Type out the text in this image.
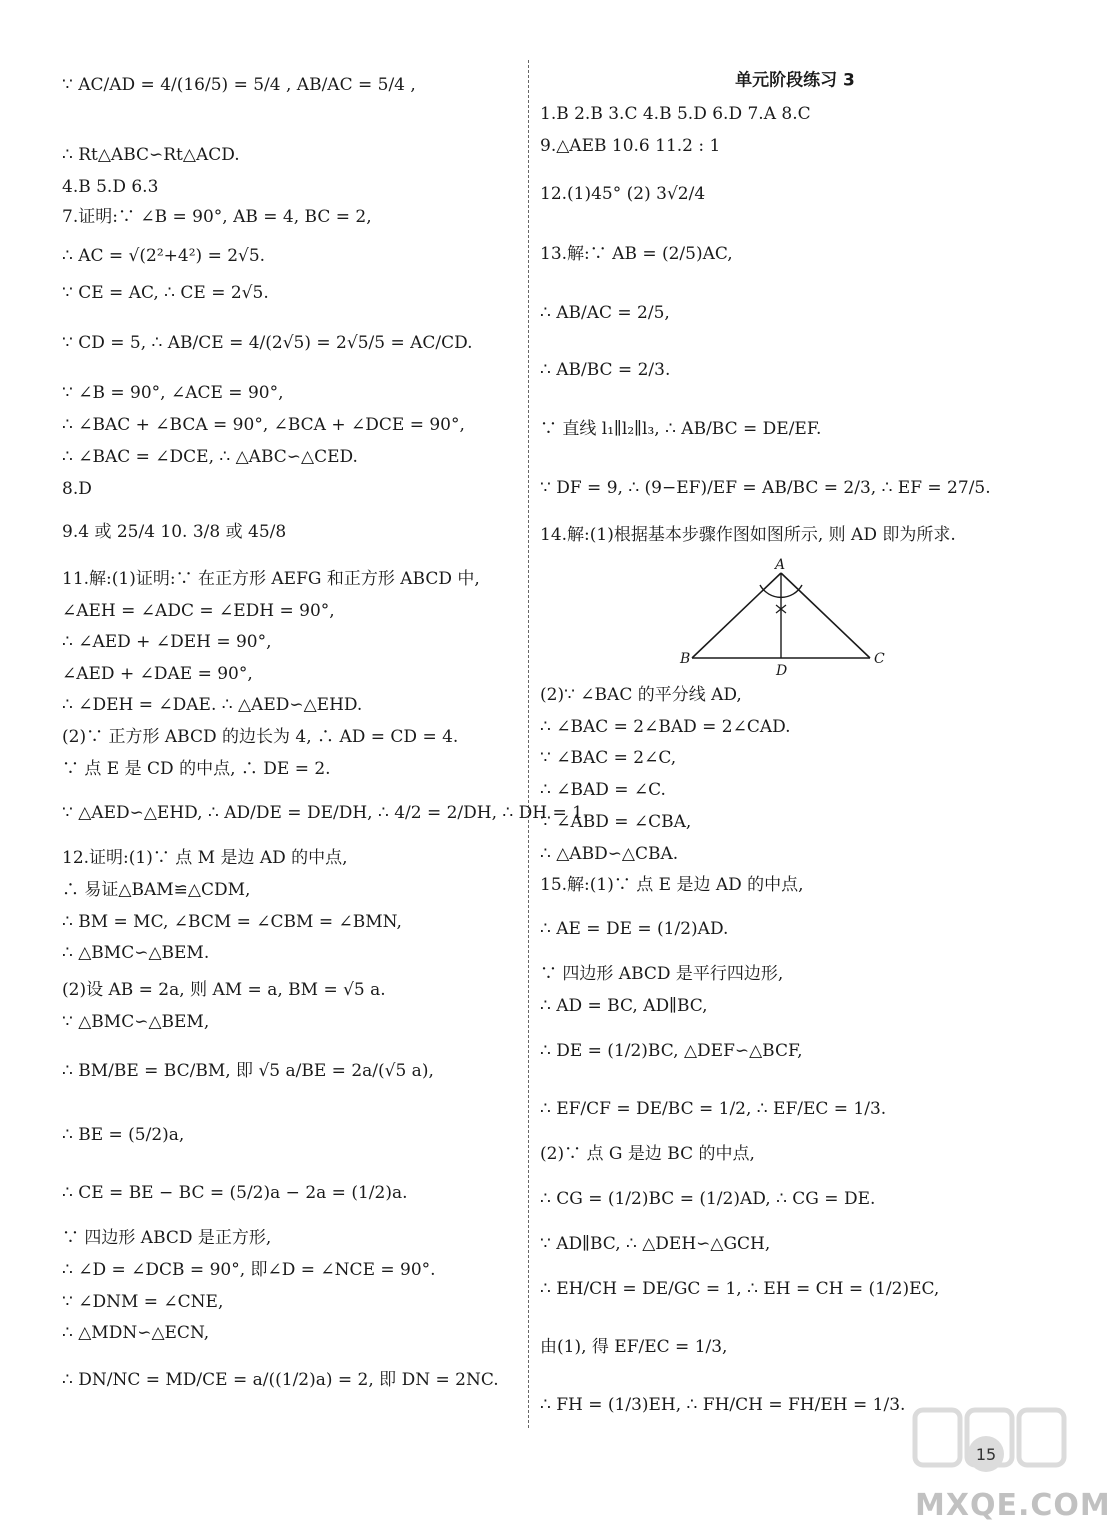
∵ AC/AD = 4/(16/5) = 5/4 , AB/AC = 5/4 ,
∴ Rt△ABC∽Rt△ACD.
4.B 5.D 6.3
7.证明:∵ ∠B = 90°, AB = 4, BC = 2,
∴ AC = √(2²+4²) = 2√5.
∵ CE = AC, ∴ CE = 2√5.
∵ CD = 5, ∴ AB/CE = 4/(2√5) = 2√5/5 = AC/CD.
∵ ∠B = 90°, ∠ACE = 90°,
∴ ∠BAC + ∠BCA = 90°, ∠BCA + ∠DCE = 90°,
∴ ∠BAC = ∠DCE, ∴ △ABC∽△CED.
8.D
9.4 或 25/4 10. 3/8 或 45/8
11.解:(1)证明:∵ 在正方形 AEFG 和正方形 ABCD 中,
∠AEH = ∠ADC = ∠EDH = 90°,
∴ ∠AED + ∠DEH = 90°,
∠AED + ∠DAE = 90°,
∴ ∠DEH = ∠DAE. ∴ △AED∽△EHD.
(2)∵ 正方形 ABCD 的边长为 4, ∴ AD = CD = 4.
∵ 点 E 是 CD 的中点, ∴ DE = 2.
∵ △AED∽△EHD, ∴ AD/DE = DE/DH, ∴ 4/2 = 2/DH, ∴ DH = 1.
12.证明:(1)∵ 点 M 是边 AD 的中点,
∴ 易证△BAM≌△CDM,
∴ BM = MC, ∠BCM = ∠CBM = ∠BMN,
∴ △BMC∽△BEM.
(2)设 AB = 2a, 则 AM = a, BM = √5 a.
∵ △BMC∽△BEM,
∴ BM/BE = BC/BM, 即 √5 a/BE = 2a/(√5 a),
∴ BE = (5/2)a,
∴ CE = BE − BC = (5/2)a − 2a = (1/2)a.
∵ 四边形 ABCD 是正方形,
∴ ∠D = ∠DCB = 90°, 即∠D = ∠NCE = 90°.
∵ ∠DNM = ∠CNE,
∴ △MDN∽△ECN,
∴ DN/NC = MD/CE = a/((1/2)a) = 2, 即 DN = 2NC.
单元阶段练习 3
1.B 2.B 3.C 4.B 5.D 6.D 7.A 8.C
9.△AEB 10.6 11.2 : 1
12.(1)45° (2) 3√2/4
13.解:∵ AB = (2/5)AC,
∴ AB/AC = 2/5,
∴ AB/BC = 2/3.
∵ 直线 l₁∥l₂∥l₃, ∴ AB/BC = DE/EF.
∵ DF = 9, ∴ (9−EF)/EF = AB/BC = 2/3, ∴ EF = 27/5.
14.解:(1)根据基本步骤作图如图所示, 则 AD 即为所求.
A
B	C
D
(2)∵ ∠BAC 的平分线 AD,
∴ ∠BAC = 2∠BAD = 2∠CAD.
∵ ∠BAC = 2∠C,
∴ ∠BAD = ∠C.
∵ ∠ABD = ∠CBA,
∴ △ABD∽△CBA.
15.解:(1)∵ 点 E 是边 AD 的中点,
∴ AE = DE = (1/2)AD.
∵ 四边形 ABCD 是平行四边形,
∴ AD = BC, AD∥BC,
∴ DE = (1/2)BC, △DEF∽△BCF,
∴ EF/CF = DE/BC = 1/2, ∴ EF/EC = 1/3.
(2)∵ 点 G 是边 BC 的中点,
∴ CG = (1/2)BC = (1/2)AD, ∴ CG = DE.
∵ AD∥BC, ∴ △DEH∽△GCH,
∴ EH/CH = DE/GC = 1, ∴ EH = CH = (1/2)EC,
由(1), 得 EF/EC = 1/3,
∴ FH = (1/3)EH, ∴ FH/CH = FH/EH = 1/3.
MXQE.COM
15
